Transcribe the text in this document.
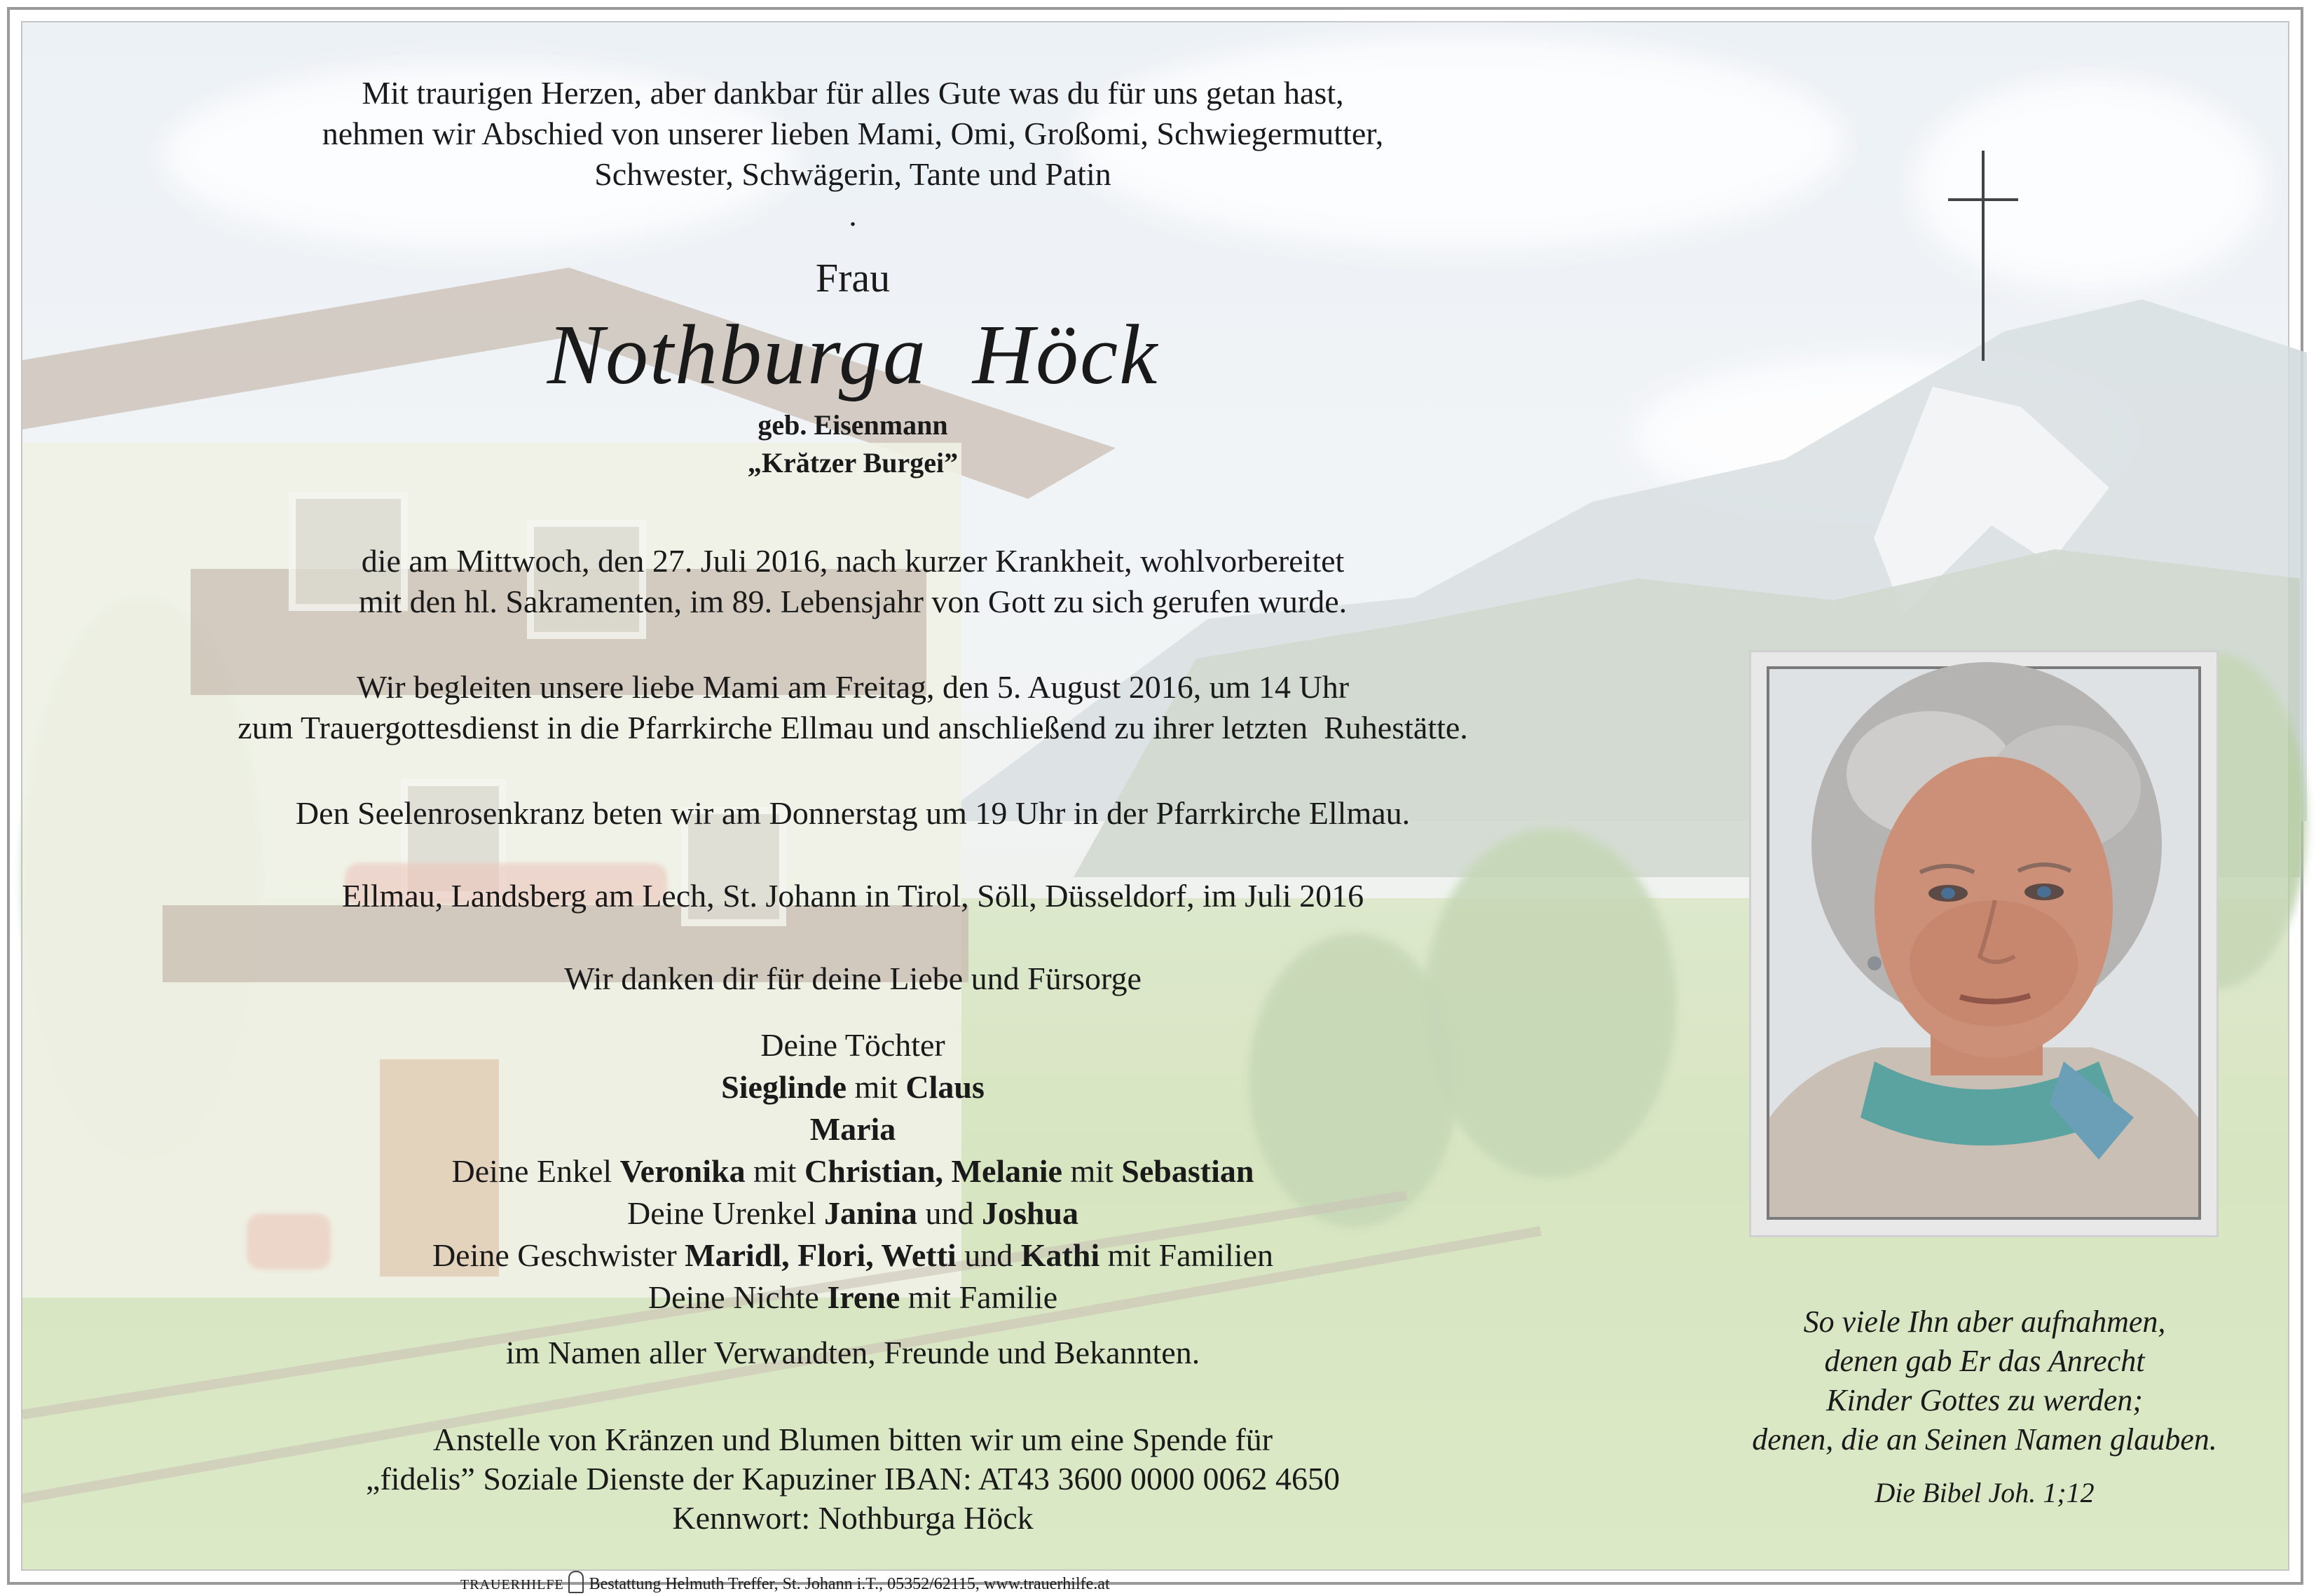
Mit traurigen Herzen, aber dankbar für alles Gute was du für uns getan hast,
nehmen wir Abschied von unserer lieben Mami, Omi, Großomi, Schwiegermutter,
Schwester, Schwägerin, Tante und Patin
.
Frau
Nothburga  Höck
geb. Eisenmann
„Krătzer Burgei”
die am Mittwoch, den 27. Juli 2016, nach kurzer Krankheit, wohlvorbereitet
mit den hl. Sakramenten, im 89. Lebensjahr von Gott zu sich gerufen wurde.
Wir begleiten unsere liebe Mami am Freitag, den 5. August 2016, um 14 Uhr
zum Trauergottesdienst in die Pfarrkirche Ellmau und anschließend zu ihrer letzten  Ruhestätte.
Den Seelenrosenkranz beten wir am Donnerstag um 19 Uhr in der Pfarrkirche Ellmau.
Ellmau, Landsberg am Lech, St. Johann in Tirol, Söll, Düsseldorf, im Juli 2016
Wir danken dir für deine Liebe und Fürsorge
Deine Töchter
Sieglinde mit Claus
Maria
Deine Enkel Veronika mit Christian, Melanie mit Sebastian
Deine Urenkel Janina und Joshua
Deine Geschwister Maridl, Flori, Wetti und Kathi mit Familien
Deine Nichte Irene mit Familie
im Namen aller Verwandten, Freunde und Bekannten.
Anstelle von Kränzen und Blumen bitten wir um eine Spende für
„fidelis” Soziale Dienste der Kapuziner IBAN: AT43 3600 0000 0062 4650
Kennwort: Nothburga Höck
TRAUERHILFE Bestattung Helmuth Treffer, St. Johann i.T., 05352/62115, www.trauerhilfe.at
So viele Ihn aber aufnahmen,
denen gab Er das Anrecht
Kinder Gottes zu werden;
denen, die an Seinen Namen glauben.
Die Bibel Joh. 1;12
